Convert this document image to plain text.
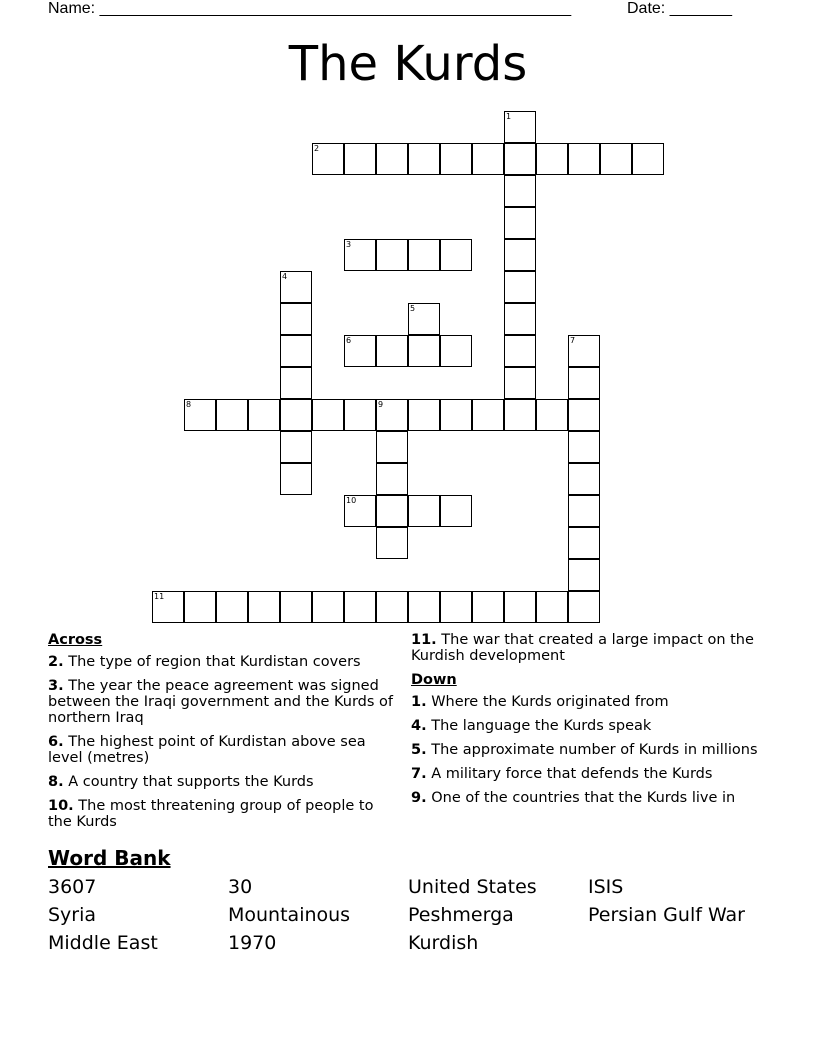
Name: _____________________________________________________	Date: _______
The Kurds
1
2
3
4
5
6	7
8	9
10
11
Across
2. The type of region that Kurdistan covers
3. The year the peace agreement was signed between the Iraqi government and the Kurds of northern Iraq
6. The highest point of Kurdistan above sea level (metres)
8. A country that supports the Kurds
10. The most threatening group of people to the Kurds
11. The war that created a large impact on the Kurdish development
Down
1. Where the Kurds originated from
4. The language the Kurds speak
5. The approximate number of Kurds in millions
7. A military force that defends the Kurds
9. One of the countries that the Kurds live in
Word Bank
3607	30	United States	ISIS
Syria	Mountainous	Peshmerga	Persian Gulf War
Middle East	1970	Kurdish
